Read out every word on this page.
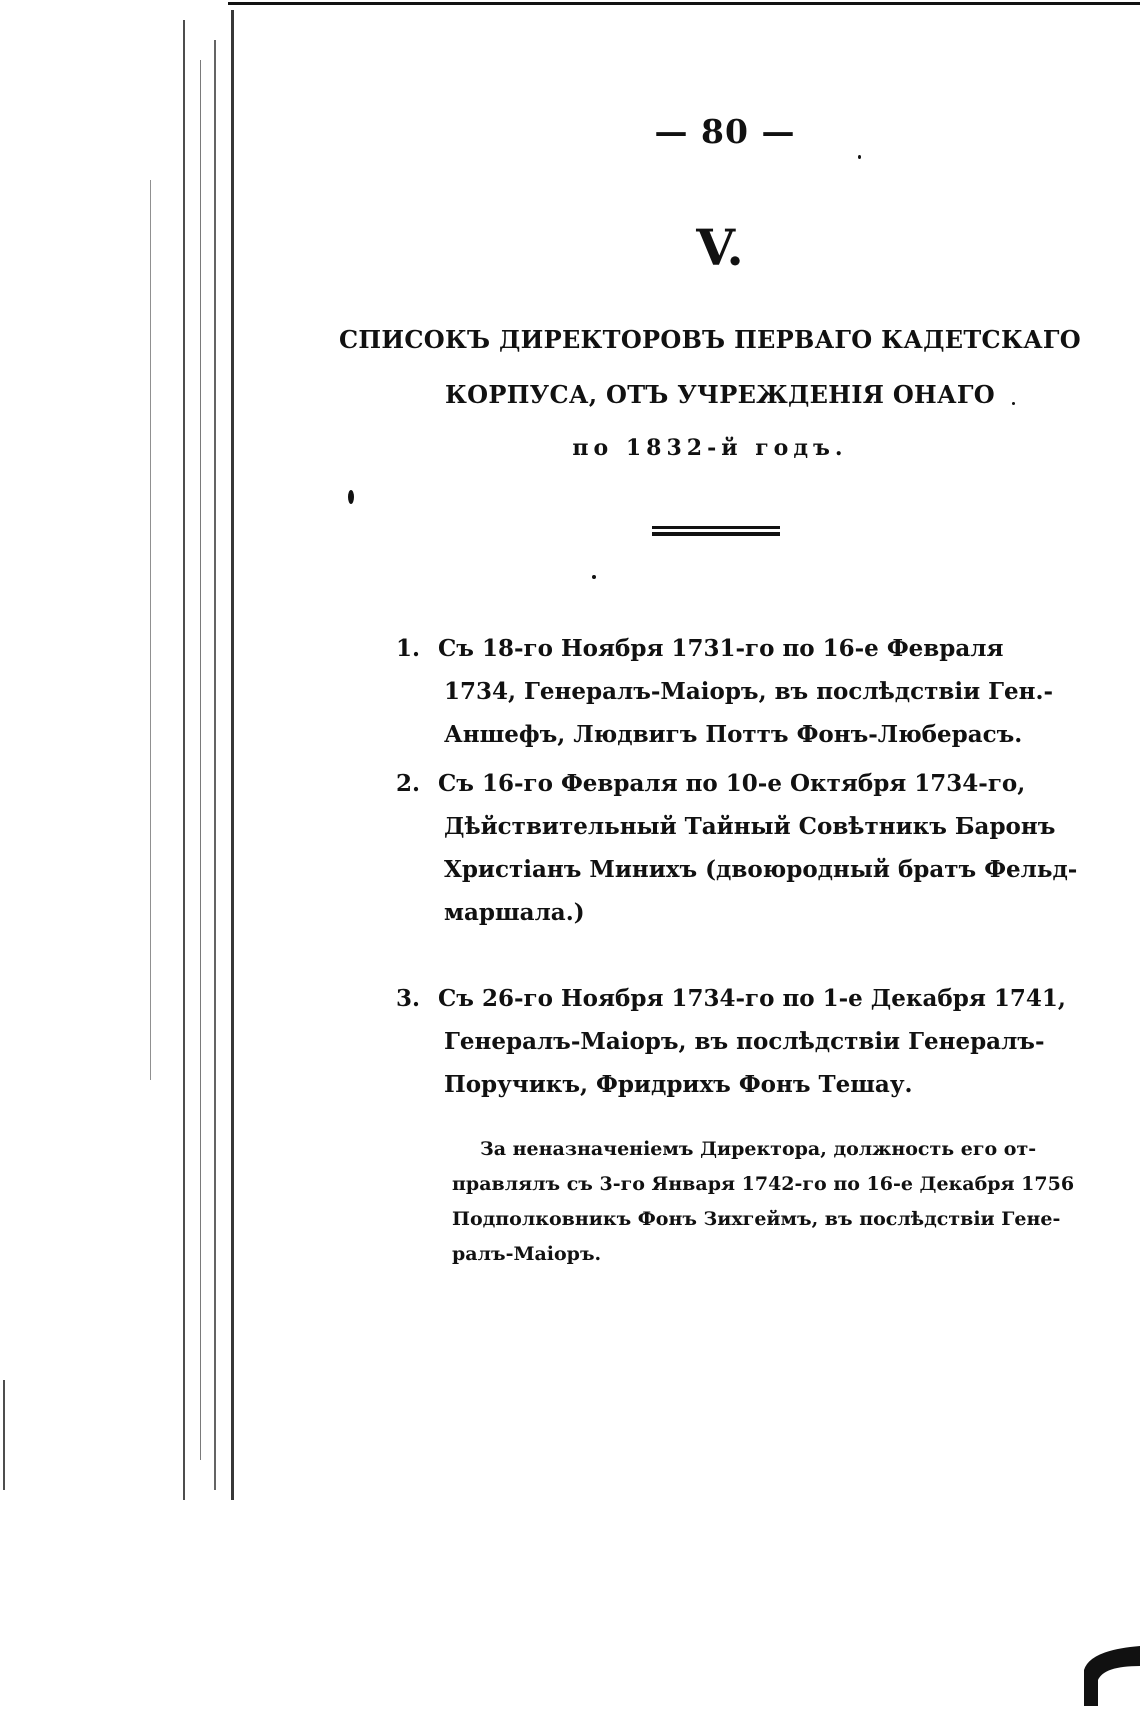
— 80 —
V.
СПИСОКЪ ДИРЕКТОРОВЪ ПЕРВАГО КАДЕТСКАГО
КОРПУСА, ОТЪ УЧРЕЖДЕНІЯ ОНАГО
по 1832-й годъ.
1. Съ 18-го Ноября 1731-го по 16-е Февраля
1734, Генералъ-Маіоръ, въ послѣдствіи Ген.-
Аншефъ, Людвигъ Поттъ Фонъ-Люберасъ.
2. Съ 16-го Февраля по 10-е Октября 1734-го,
Дѣйствительный Тайный Совѣтникъ Баронъ
Христіанъ Минихъ (двоюродный братъ Фельд-
маршала.)
3. Съ 26-го Ноября 1734-го по 1-е Декабря 1741,
Генералъ-Маіоръ, въ послѣдствіи Генералъ-
Поручикъ, Фридрихъ Фонъ Тешау.
За неназначеніемъ Директора, должность его от-
правлялъ съ 3-го Января 1742-го по 16-е Декабря 1756
Подполковникъ Фонъ Зихгеймъ, въ послѣдствіи Гене-
ралъ-Маіоръ.
